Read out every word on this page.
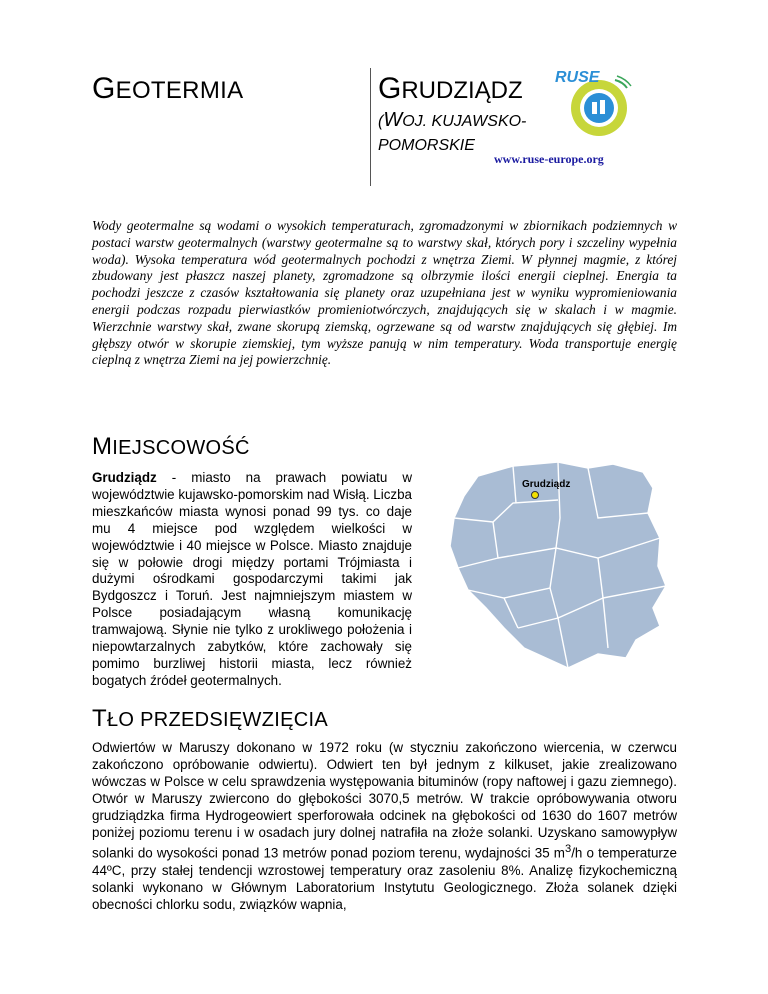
GEOTERMIA	GRUDZIĄDZ
(WOJ. KUJAWSKO-
POMORSKIE
RUSE
www.ruse-europe.org
Wody geotermalne są wodami o wysokich temperaturach, zgromadzonymi w zbiornikach podziemnych w postaci warstw geotermalnych (warstwy geotermalne są to warstwy skał, których pory i szczeliny wypełnia woda). Wysoka temperatura wód geotermalnych pochodzi z wnętrza Ziemi. W płynnej magmie, z której zbudowany jest płaszcz naszej planety, zgromadzone są olbrzymie ilości energii cieplnej. Energia ta pochodzi jeszcze z czasów kształtowania się planety oraz uzupełniana jest w wyniku wypromieniowania energii podczas rozpadu pierwiastków promieniotwórczych, znajdujących się w skalach i w magmie. Wierzchnie warstwy skał, zwane skorupą ziemską, ogrzewane są od warstw znajdujących się głębiej. Im głębszy otwór w skorupie ziemskiej, tym wyższe panują w nim temperatury. Woda transportuje energię cieplną z wnętrza Ziemi na jej powierzchnię.
MIEJSCOWOŚĆ
Grudziądz - miasto na prawach powiatu w województwie kujawsko-pomorskim nad Wisłą. Liczba mieszkańców miasta wynosi ponad 99 tys. co daje mu 4 miejsce pod względem wielkości w województwie i 40 miejsce w Polsce. Miasto znajduje się w połowie drogi między portami Trójmiasta i dużymi ośrodkami gospodarczymi takimi jak Bydgoszcz i Toruń. Jest najmniejszym miastem w Polsce posiadającym własną komunikację tramwajową. Słynie nie tylko z urokliwego położenia i niepowtarzalnych zabytków, które zachowały się pomimo burzliwej historii miasta, lecz również bogatych źródeł geotermalnych.
Grudziądz
TŁO PRZEDSIĘWZIĘCIA
Odwiertów w Maruszy dokonano w 1972 roku (w styczniu zakończono wiercenia, w czerwcu zakończono opróbowanie odwiertu). Odwiert ten był jednym z kilkuset, jakie zrealizowano wówczas w Polsce w celu sprawdzenia występowania bituminów (ropy naftowej i gazu ziemnego). Otwór w Maruszy zwiercono do głębokości 3070,5 metrów. W trakcie opróbowywania otworu grudziądzka firma Hydrogeowiert sperforowała odcinek na głębokości od 1630 do 1607 metrów poniżej poziomu terenu i w osadach jury dolnej natrafiła na złoże solanki. Uzyskano samowypływ solanki do wysokości ponad 13 metrów ponad poziom terenu, wydajności 35 $m^3/h$ o temperaturze 44ºC, przy stałej tendencji wzrostowej temperatury oraz zasoleniu 8%. Analizę fizykochemiczną solanki wykonano w Głównym Laboratorium Instytutu Geologicznego. Złoża solanek dzięki obecności chlorku sodu, związków wapnia,
